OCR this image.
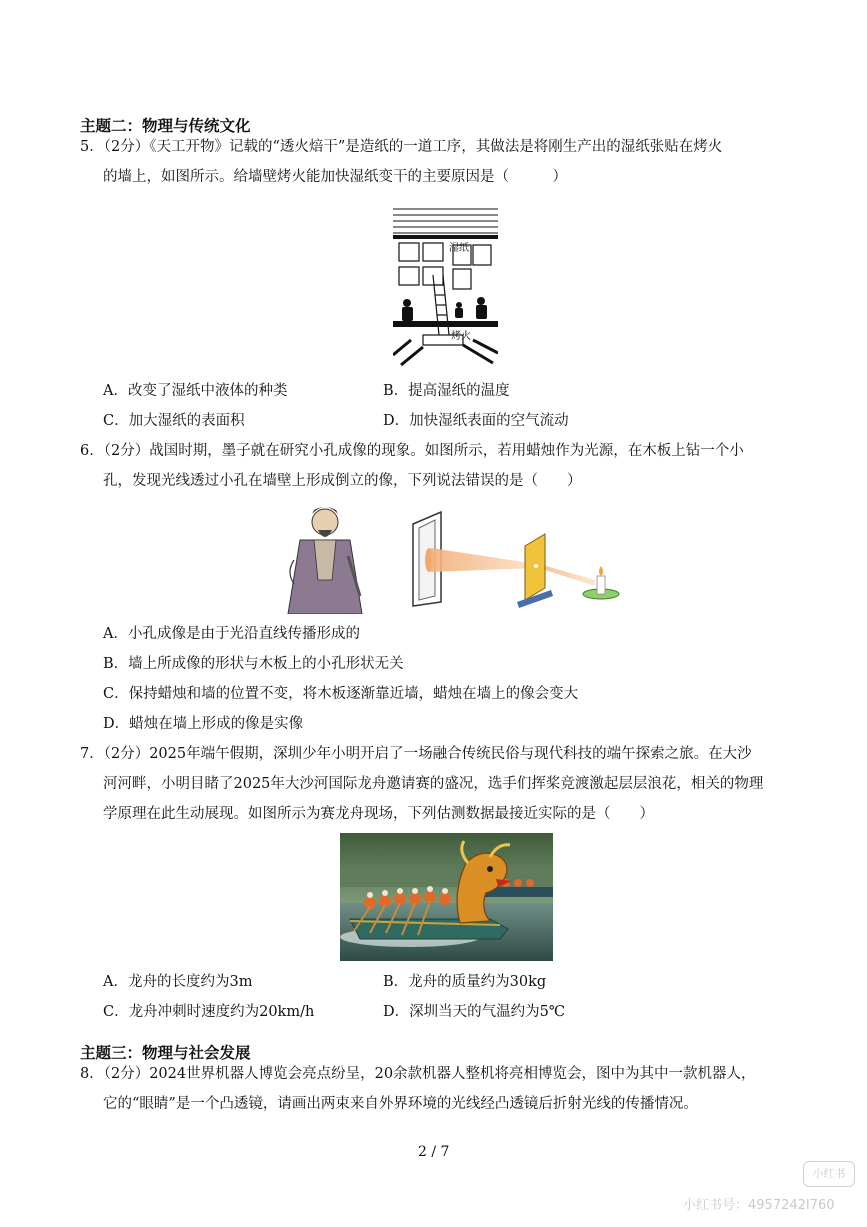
主题二：物理与传统文化
5．（2分）《天工开物》记载的“透火焙干”是造纸的一道工序，其做法是将刚生产出的湿纸张贴在烤火
的墙上，如图所示。给墙壁烤火能加快湿纸变干的主要原因是（　　　）
湿纸
烤火
A．改变了湿纸中液体的种类	B．提高湿纸的温度
C．加大湿纸的表面积	D．加快湿纸表面的空气流动
6．（2分）战国时期，墨子就在研究小孔成像的现象。如图所示，若用蜡烛作为光源，在木板上钻一个小
孔，发现光线透过小孔在墙壁上形成倒立的像，下列说法错误的是（　　）
A．小孔成像是由于光沿直线传播形成的
B．墙上所成像的形状与木板上的小孔形状无关
C．保持蜡烛和墙的位置不变，将木板逐渐靠近墙，蜡烛在墙上的像会变大
D．蜡烛在墙上形成的像是实像
7．（2分）2025年端午假期，深圳少年小明开启了一场融合传统民俗与现代科技的端午探索之旅。在大沙
河河畔，小明目睹了2025年大沙河国际龙舟邀请赛的盛况，选手们挥桨竞渡激起层层浪花，相关的物理
学原理在此生动展现。如图所示为赛龙舟现场，下列估测数据最接近实际的是（　　）
A．龙舟的长度约为3m	B．龙舟的质量约为30kg
C．龙舟冲刺时速度约为20km/h	D．深圳当天的气温约为5℃
主题三：物理与社会发展
8．（2分）2024世界机器人博览会亮点纷呈，20余款机器人整机将亮相博览会，图中为其中一款机器人，
它的“眼睛”是一个凸透镜，请画出两束来自外界环境的光线经凸透镜后折射光线的传播情况。
2 / 7
小红书
小红书号：4957242I760
